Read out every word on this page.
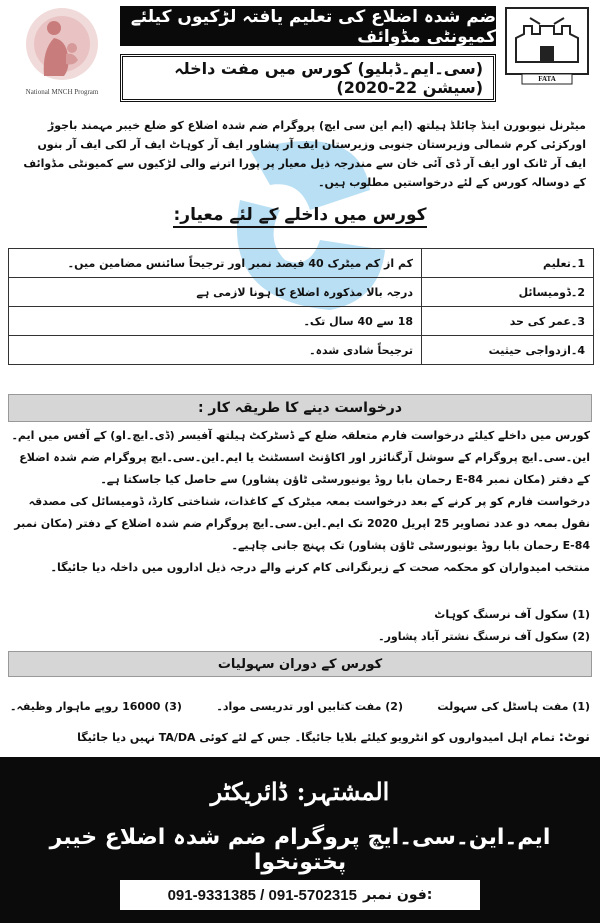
National MNCH Program
FATA
ضم شدہ اضلاع کی تعلیم یافتہ لڑکیوں کیلئے کمیونٹی مڈوائف
(سی۔ایم۔ڈبلیو) کورس میں مفت داخلہ (سیشن 22-2020)

میٹرنل نیوبورن اینڈ چائلڈ ہیلتھ (ایم این سی ایچ) پروگرام ضم شدہ اضلاع کو ضلع خیبر مہمند باجوڑ اورکزئی کرم شمالی وزیرستان جنوبی وزیرستان ایف آر پشاور ایف آر کوہاٹ ایف آر لکی ایف آر بنوں ایف آر ٹانک اور ایف آر ڈی آئی خان سے مندرجہ ذیل معیار پر پورا اترنے والی لڑکیوں سے کمیونٹی مڈوائف کے دوسالہ کورس کے لئے درخواستیں مطلوب ہیں۔

کورس میں داخلے کے لئے معیار:
1۔تعلیم	کم از کم میٹرک 40 فیصد نمبر اور ترجیحاً سائنس مضامین میں۔
2۔ڈومیسائل	درجہ بالا مذکورہ اضلاع کا ہونا لازمی ہے
3۔عمر کی حد	18 سے 40 سال تک۔
4۔ازدواجی حیثیت	ترجیحاً شادی شدہ۔
درخواست دینے کا طریقہ کار :

کورس میں داخلے کیلئے درخواست فارم متعلقہ ضلع کے ڈسٹرکٹ ہیلتھ آفیسر (ڈی۔ایچ۔او) کے آفس میں ایم۔این۔سی۔ایچ پروگرام کے سوشل آرگنائزر اور اکاؤنٹ اسسٹنٹ یا ایم۔این۔سی۔ایچ پروگرام ضم شدہ اضلاع کے دفتر (مکان نمبر E-84 رحمان بابا روڈ یونیورسٹی ٹاؤن پشاور) سے حاصل کیا جاسکتا ہے۔

درخواست فارم کو پر کرنے کے بعد درخواست بمعہ میٹرک کے کاغذات، شناختی کارڈ، ڈومیسائل کی مصدقہ نقول بمعہ دو عدد تصاویر 25 اپریل 2020 تک ایم۔این۔سی۔ایچ پروگرام ضم شدہ اضلاع کے دفتر (مکان نمبر E-84 رحمان بابا روڈ یونیورسٹی ٹاؤن پشاور) تک پہنچ جانی چاہیے۔

منتخب امیدواران کو محکمہ صحت کے زیرنگرانی کام کرنے والے درجہ ذیل اداروں میں داخلہ دیا جائیگا۔

(1) سکول آف نرسنگ کوہاٹ
(2) سکول آف نرسنگ نشتر آباد پشاور۔
کورس کے دوران سہولیات
(1) مفت ہاسٹل کی سہولت
(2) مفت کتابیں اور تدریسی مواد۔
(3) 16000 روپے ماہوار وظیفہ۔
نوٹ: تمام اہل امیدواروں کو انٹرویو کیلئے بلایا جائیگا۔ جس کے لئے کوئی TA/DA نہیں دیا جائیگا
المشتہر: ڈائریکٹر
ایم۔این۔سی۔ایچ پروگرام ضم شدہ اضلاع خیبر پختونخوا
091-9331385 / 091-5702315 فون نمبر:
